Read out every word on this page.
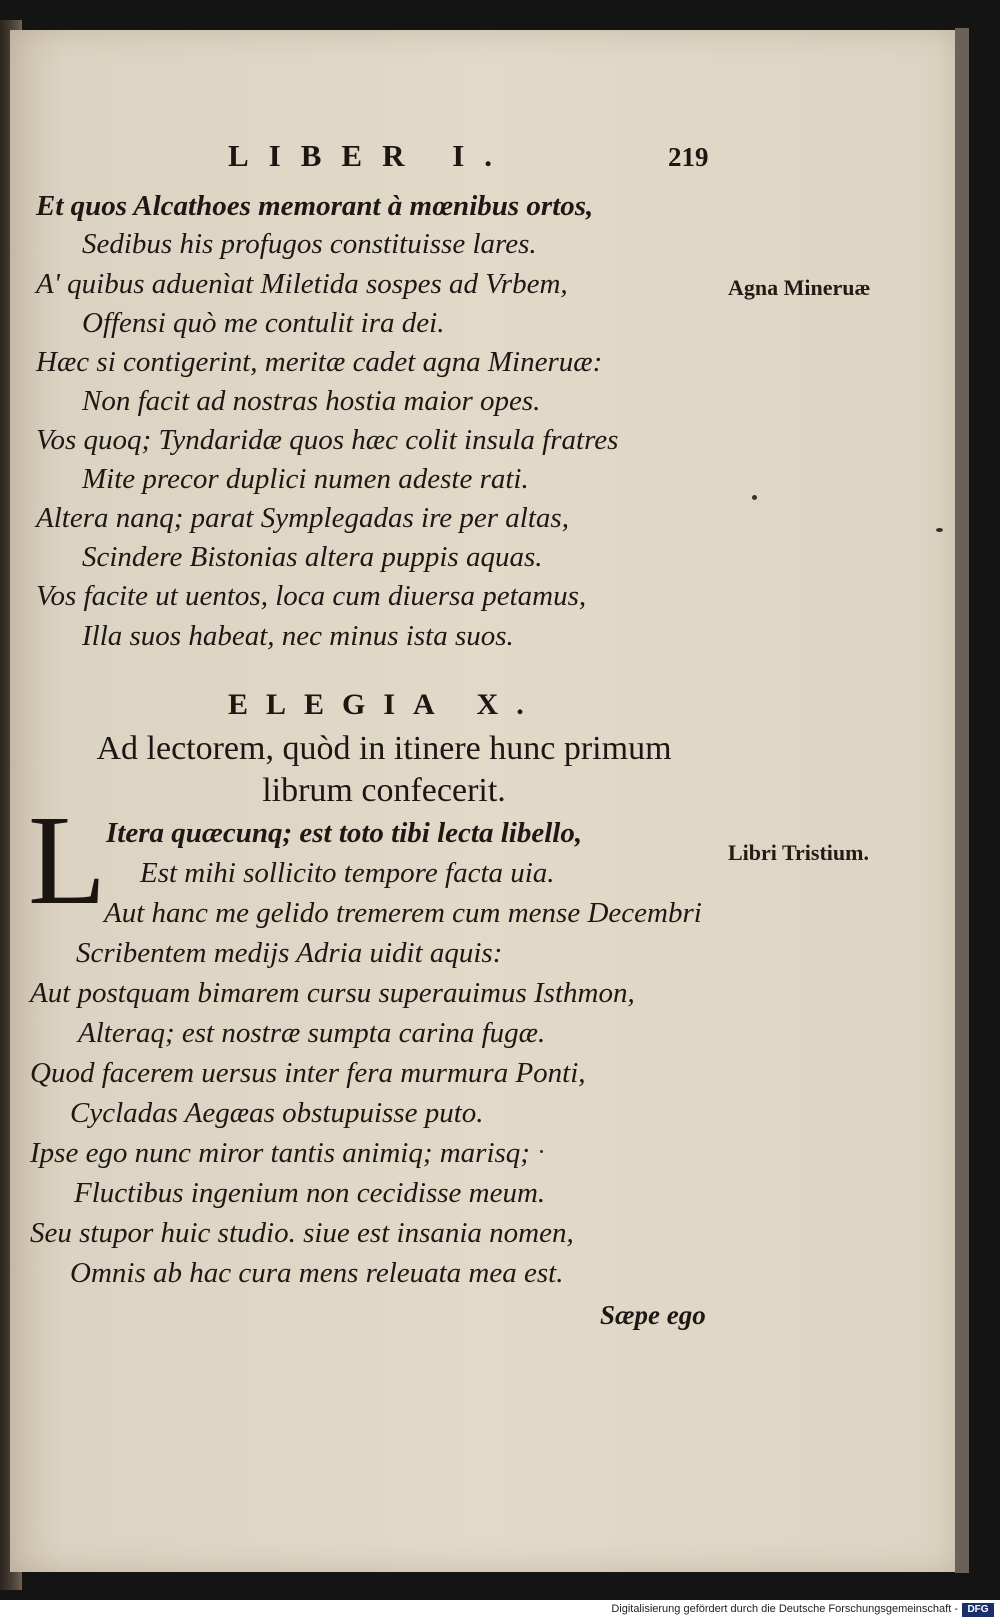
LIBER I.	219

Et quos Alcathoes memorant à mœnibus ortos,

Sedibus his profugos constituisse lares.

A' quibus aduenìat Miletida sospes ad Vrbem,

Offensi quò me contulit ira dei.

Hæc si contigerint, meritæ cadet agna Mineruæ:

Non facit ad nostras hostia maior opes.

Vos quoq; Tyndaridæ quos hæc colit insula fratres

Mite precor duplici numen adeste rati.

Altera nanq; parat Symplegadas ire per altas,

Scindere Bistonias altera puppis aquas.

Vos facite ut uentos, loca cum diuersa petamus,

Illa suos habeat, nec minus ista suos.

Agna Mineruæ
ELEGIA X.
Ad lectorem, quòd in itinere hunc primum librum confecerit.
L Itera quæcunq; est toto tibi lecta libello,

Est mihi sollicito tempore facta uia.

Aut hanc me gelido tremerem cum mense Decembri

Scribentem medijs Adria uidit aquis:

Aut postquam bimarem cursu superauimus Isthmon,

Alteraq; est nostræ sumpta carina fugæ.

Quod facerem uersus inter fera murmura Ponti,

Cycladas Aegæas obstupuisse puto.

Ipse ego nunc miror tantis animiq; marisq;

Fluctibus ingenium non cecidisse meum.

Seu stupor huic studio. siue est insania nomen,

Omnis ab hac cura mens releuata mea est.

Libri Tristium.
Sæpe ego
Digitalisierung gefördert durch die Deutsche Forschungsgemeinschaft - DFG
